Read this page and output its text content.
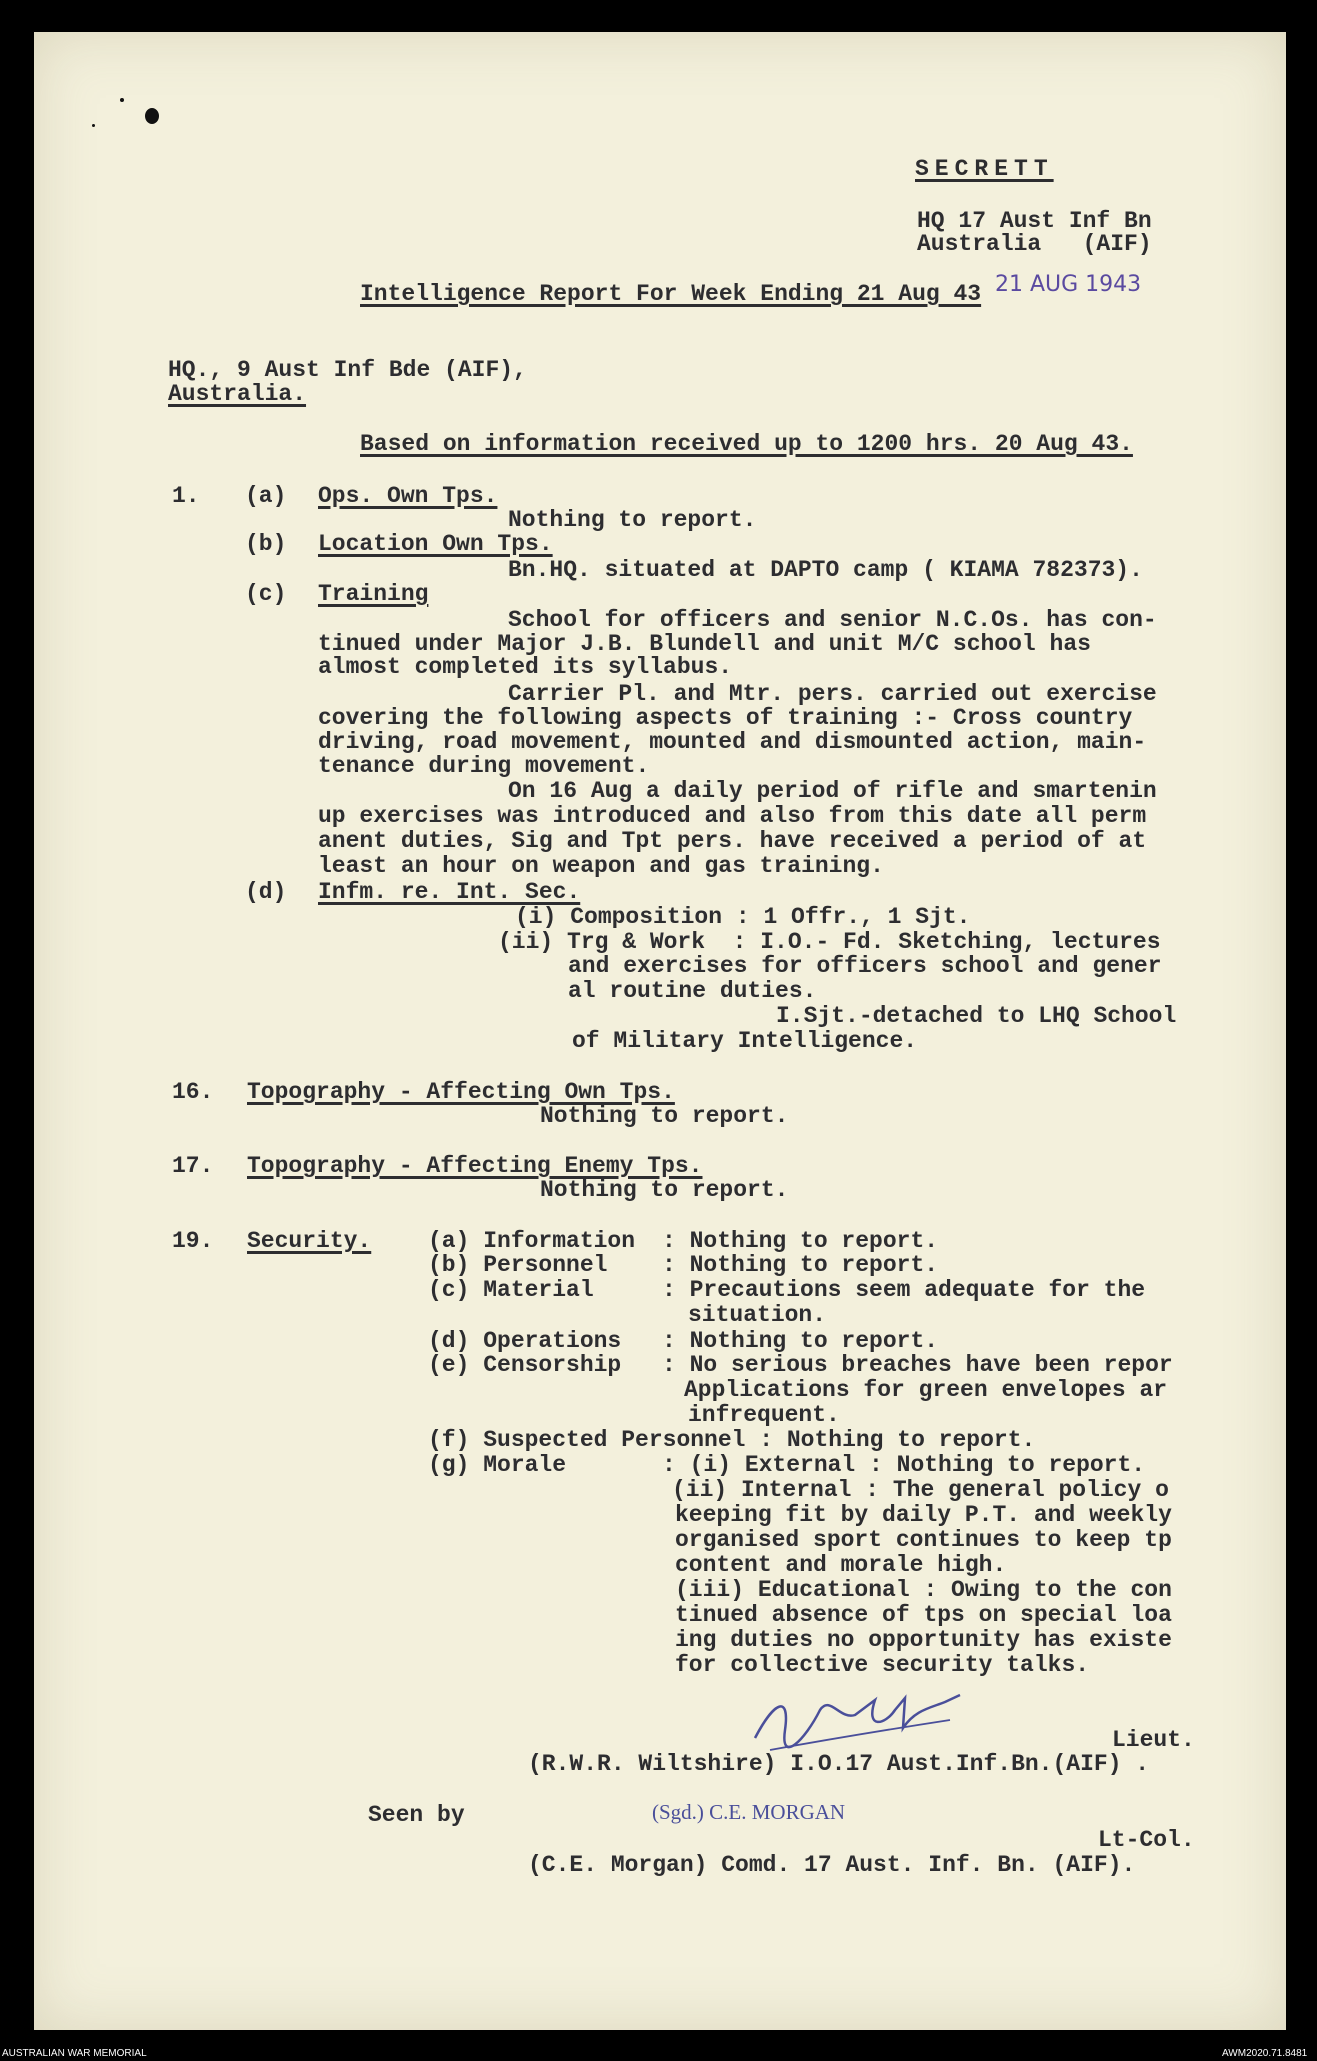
SECRETT
HQ 17 Aust Inf Bn
Australia   (AIF)
Intelligence Report For Week Ending 21 Aug 43 21 AUG 1943
HQ., 9 Aust Inf Bde (AIF),
Australia.
Based on information received up to 1200 hrs. 20 Aug 43.
1. (a) Ops. Own Tps.
Nothing to report.
(b) Location Own Tps.
Bn.HQ. situated at DAPTO camp ( KIAMA 782373).
(c) Training
School for officers and senior N.C.Os. has con-
tinued under Major J.B. Blundell and unit M/C school has
almost completed its syllabus.
Carrier Pl. and Mtr. pers. carried out exercise
covering the following aspects of training :- Cross country
driving, road movement, mounted and dismounted action, main-
tenance during movement.
On 16 Aug a daily period of rifle and smartenin
up exercises was introduced and also from this date all perm
anent duties, Sig and Tpt pers. have received a period of at
least an hour on weapon and gas training.
(d) Infm. re. Int. Sec.
(i) Composition : 1 Offr., 1 Sjt.
(ii) Trg & Work  : I.O.- Fd. Sketching, lectures
and exercises for officers school and gener
al routine duties.
I.Sjt.-detached to LHQ School
of Military Intelligence.
16. Topography - Affecting Own Tps.
Nothing to report.
17. Topography - Affecting Enemy Tps.
Nothing to report.
19. Security. (a) Information
(b) Personnel
(c) Material
(d) Operations
(e) Censorship
(f) Suspected Personnel : Nothing to report.
(g) Morale
: Nothing to report.
: Nothing to report.
: Precautions seem adequate for the
situation.
: Nothing to report.
: No serious breaches have been repor
Applications for green envelopes ar
infrequent.
: (i) External : Nothing to report.
(ii) Internal : The general policy o
keeping fit by daily P.T. and weekly
organised sport continues to keep tp
content and morale high.
(iii) Educational : Owing to the con
tinued absence of tps on special loa
ing duties no opportunity has existe
for collective security talks.
Lieut.
(R.W.R. Wiltshire) I.O.17 Aust.Inf.Bn.(AIF) .
Seen by	(Sgd.) C.E. MORGAN
Lt-Col.
(C.E. Morgan) Comd. 17 Aust. Inf. Bn. (AIF).
AUSTRALIAN WAR MEMORIAL	AWM2020.71.8481
